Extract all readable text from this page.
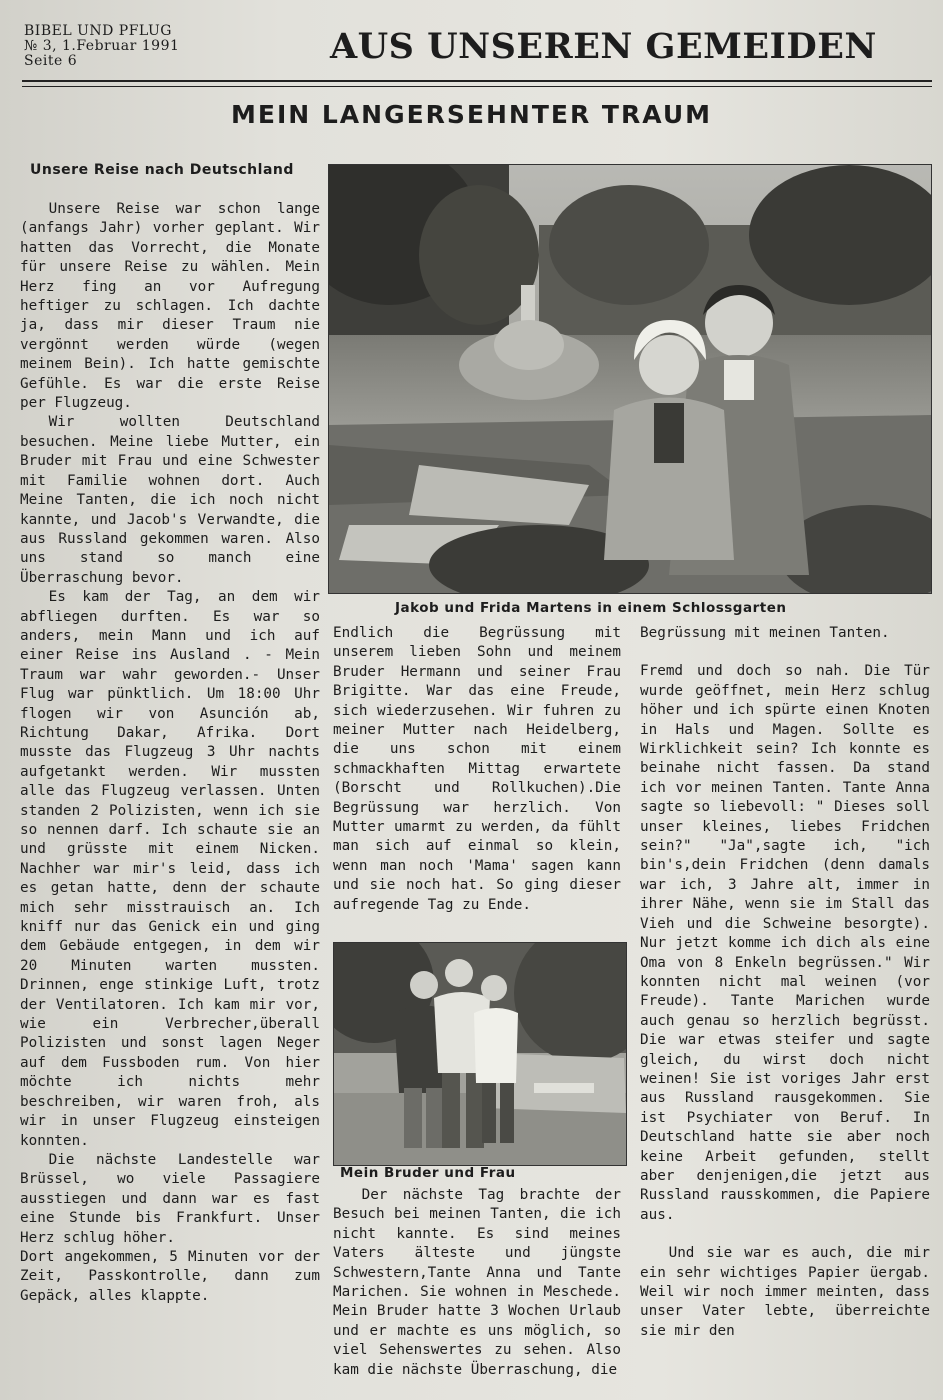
BIBEL UND PFLUG
№ 3, 1.Februar 1991
Seite 6	AUS UNSEREN GEMEIDEN
MEIN LANGERSEHNTER TRAUM
Unsere Reise nach Deutschland

Unsere Reise war schon lange (anfangs Jahr) vorher geplant. Wir hatten das Vorrecht, die Monate für unsere Reise zu wählen. Mein Herz fing an vor Aufregung heftiger zu schlagen. Ich dachte ja, dass mir dieser Traum nie vergönnt werden würde (wegen meinem Bein). Ich hatte gemischte Gefühle. Es war die erste Reise per Flugzeug.

Wir wollten Deutschland besuchen. Meine liebe Mutter, ein Bruder mit Frau und eine Schwester mit Familie wohnen dort. Auch Meine Tanten, die ich noch nicht kannte, und Jacob's Verwandte, die aus Russland gekommen waren. Also uns stand so manch eine Überraschung bevor.

Es kam der Tag, an dem wir abfliegen durften. Es war so anders, mein Mann und ich auf einer Reise ins Ausland . - Mein Traum war wahr geworden.- Unser Flug war pünktlich. Um 18:00 Uhr flogen wir von Asunción ab, Richtung Dakar, Afrika. Dort musste das Flugzeug 3 Uhr nachts aufgetankt werden. Wir mussten alle das Flugzeug verlassen. Unten standen 2 Polizisten, wenn ich sie so nennen darf. Ich schaute sie an und grüsste mit einem Nicken. Nachher war mir's leid, dass ich es getan hatte, denn der schaute mich sehr misstrauisch an. Ich kniff nur das Genick ein und ging dem Gebäude entgegen, in dem wir 20 Minuten warten mussten. Drinnen, enge stinkige Luft, trotz der Ventilatoren. Ich kam mir vor, wie ein Verbrecher,überall Polizisten und sonst lagen Neger auf dem Fussboden rum. Von hier möchte ich nichts mehr beschreiben, wir waren froh, als wir in unser Flugzeug einsteigen konnten.

Die nächste Landestelle war Brüssel, wo viele Passagiere ausstiegen und dann war es fast eine Stunde bis Frankfurt. Unser Herz schlug höher.

Dort angekommen, 5 Minuten vor der Zeit, Passkontrolle, dann zum Gepäck, alles klappte.

Jakob und Frida Martens in einem Schlossgarten

Endlich die Begrüssung mit unserem lieben Sohn und meinem Bruder Hermann und seiner Frau Brigitte. War das eine Freude, sich wiederzusehen. Wir fuhren zu meiner Mutter nach Heidelberg, die uns schon mit einem schmackhaften Mittag erwartete (Borscht und Rollkuchen).Die Begrüssung war herzlich. Von Mutter umarmt zu werden, da fühlt man sich auf einmal so klein, wenn man noch 'Mama' sagen kann und sie noch hat. So ging dieser aufregende Tag zu Ende.

Mein Bruder und Frau

Der nächste Tag brachte der Besuch bei meinen Tanten, die ich nicht kannte. Es sind meines Vaters älteste und jüngste Schwestern,Tante Anna und Tante Marichen. Sie wohnen in Meschede. Mein Bruder hatte 3 Wochen Urlaub und er machte es uns möglich, so viel Sehenswertes zu sehen. Also kam die nächste Überraschung, die

Begrüssung mit meinen Tanten.

Fremd und doch so nah. Die Tür wurde geöffnet, mein Herz schlug höher und ich spürte einen Knoten in Hals und Magen. Sollte es Wirklichkeit sein? Ich konnte es beinahe nicht fassen. Da stand ich vor meinen Tanten. Tante Anna sagte so liebevoll: " Dieses soll unser kleines, liebes Fridchen sein?" "Ja",sagte ich, "ich bin's,dein Fridchen (denn damals war ich, 3 Jahre alt, immer in ihrer Nähe, wenn sie im Stall das Vieh und die Schweine besorgte). Nur jetzt komme ich dich als eine Oma von 8 Enkeln begrüssen." Wir konnten nicht mal weinen (vor Freude). Tante Marichen wurde auch genau so herzlich begrüsst. Die war etwas steifer und sagte gleich, du wirst doch nicht weinen! Sie ist voriges Jahr erst aus Russland rausgekommen. Sie ist Psychiater von Beruf. In Deutschland hatte sie aber noch keine Arbeit gefunden, stellt aber denjenigen,die jetzt aus Russland rausskommen, die Papiere aus.

Und sie war es auch, die mir ein sehr wichtiges Papier üergab. Weil wir noch immer meinten, dass unser Vater lebte, überreichte sie mir den
